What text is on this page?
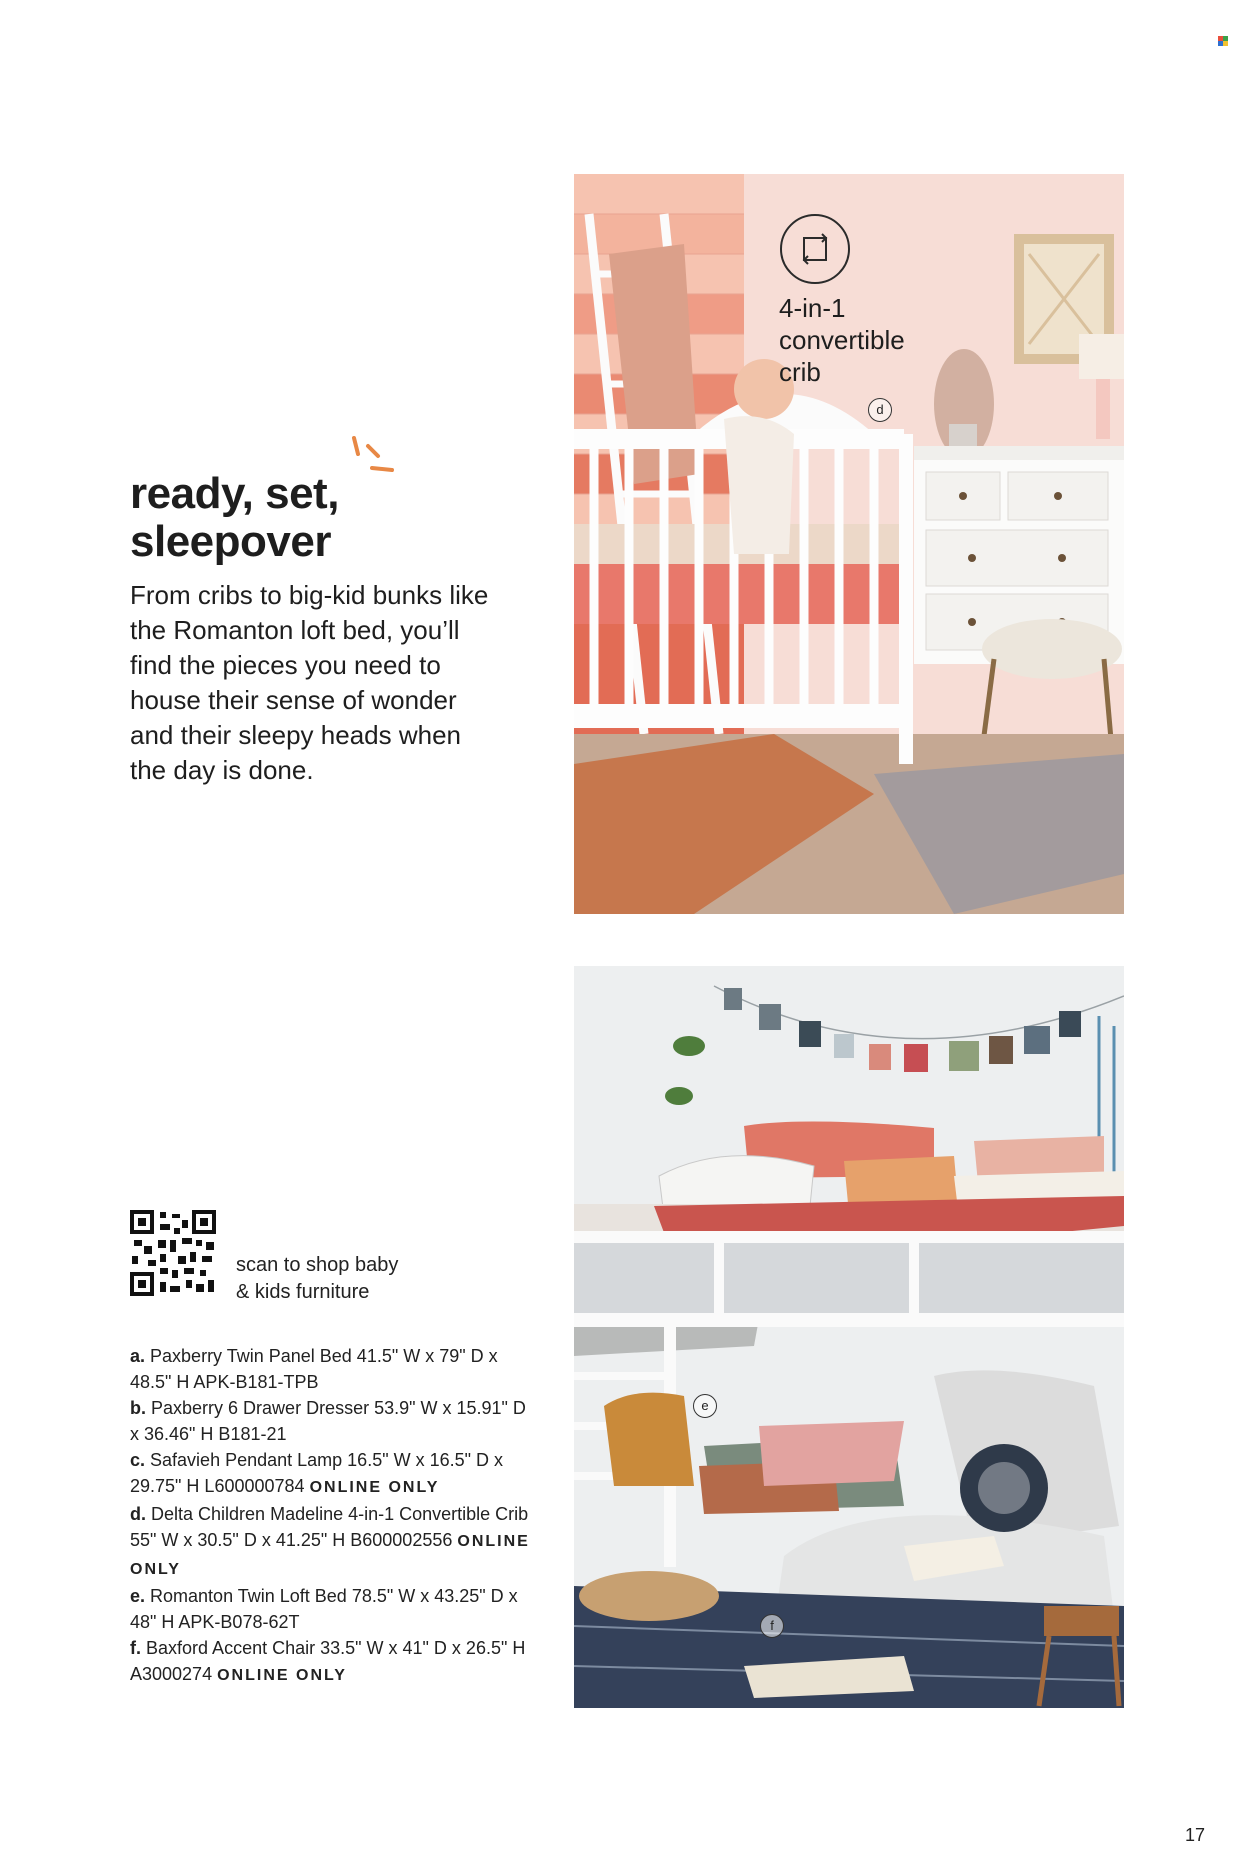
ready, set,
sleepover

From cribs to big-kid bunks like the Romanton loft bed, you’ll find the pieces you need to house their sense of wonder and their sleepy heads when the day is done.

4-in-1 convertible crib

d
e
f

scan to shop baby
& kids furniture

a. Paxberry Twin Panel Bed 41.5" W x 79" D x 48.5" H APK-B181-TPB
b. Paxberry 6 Drawer Dresser 53.9" W x 15.91" D x 36.46" H B181-21
c. Safavieh Pendant Lamp 16.5" W x 16.5" D x 29.75" H L600000784 ONLINE ONLY
d. Delta Children Madeline 4-in-1 Convertible Crib 55" W x 30.5" D x 41.25" H B600002556 ONLINE ONLY
e. Romanton Twin Loft Bed 78.5" W x 43.25" D x 48" H APK-B078-62T
f. Baxford Accent Chair 33.5" W x 41" D x 26.5" H A3000274 ONLINE ONLY
17
